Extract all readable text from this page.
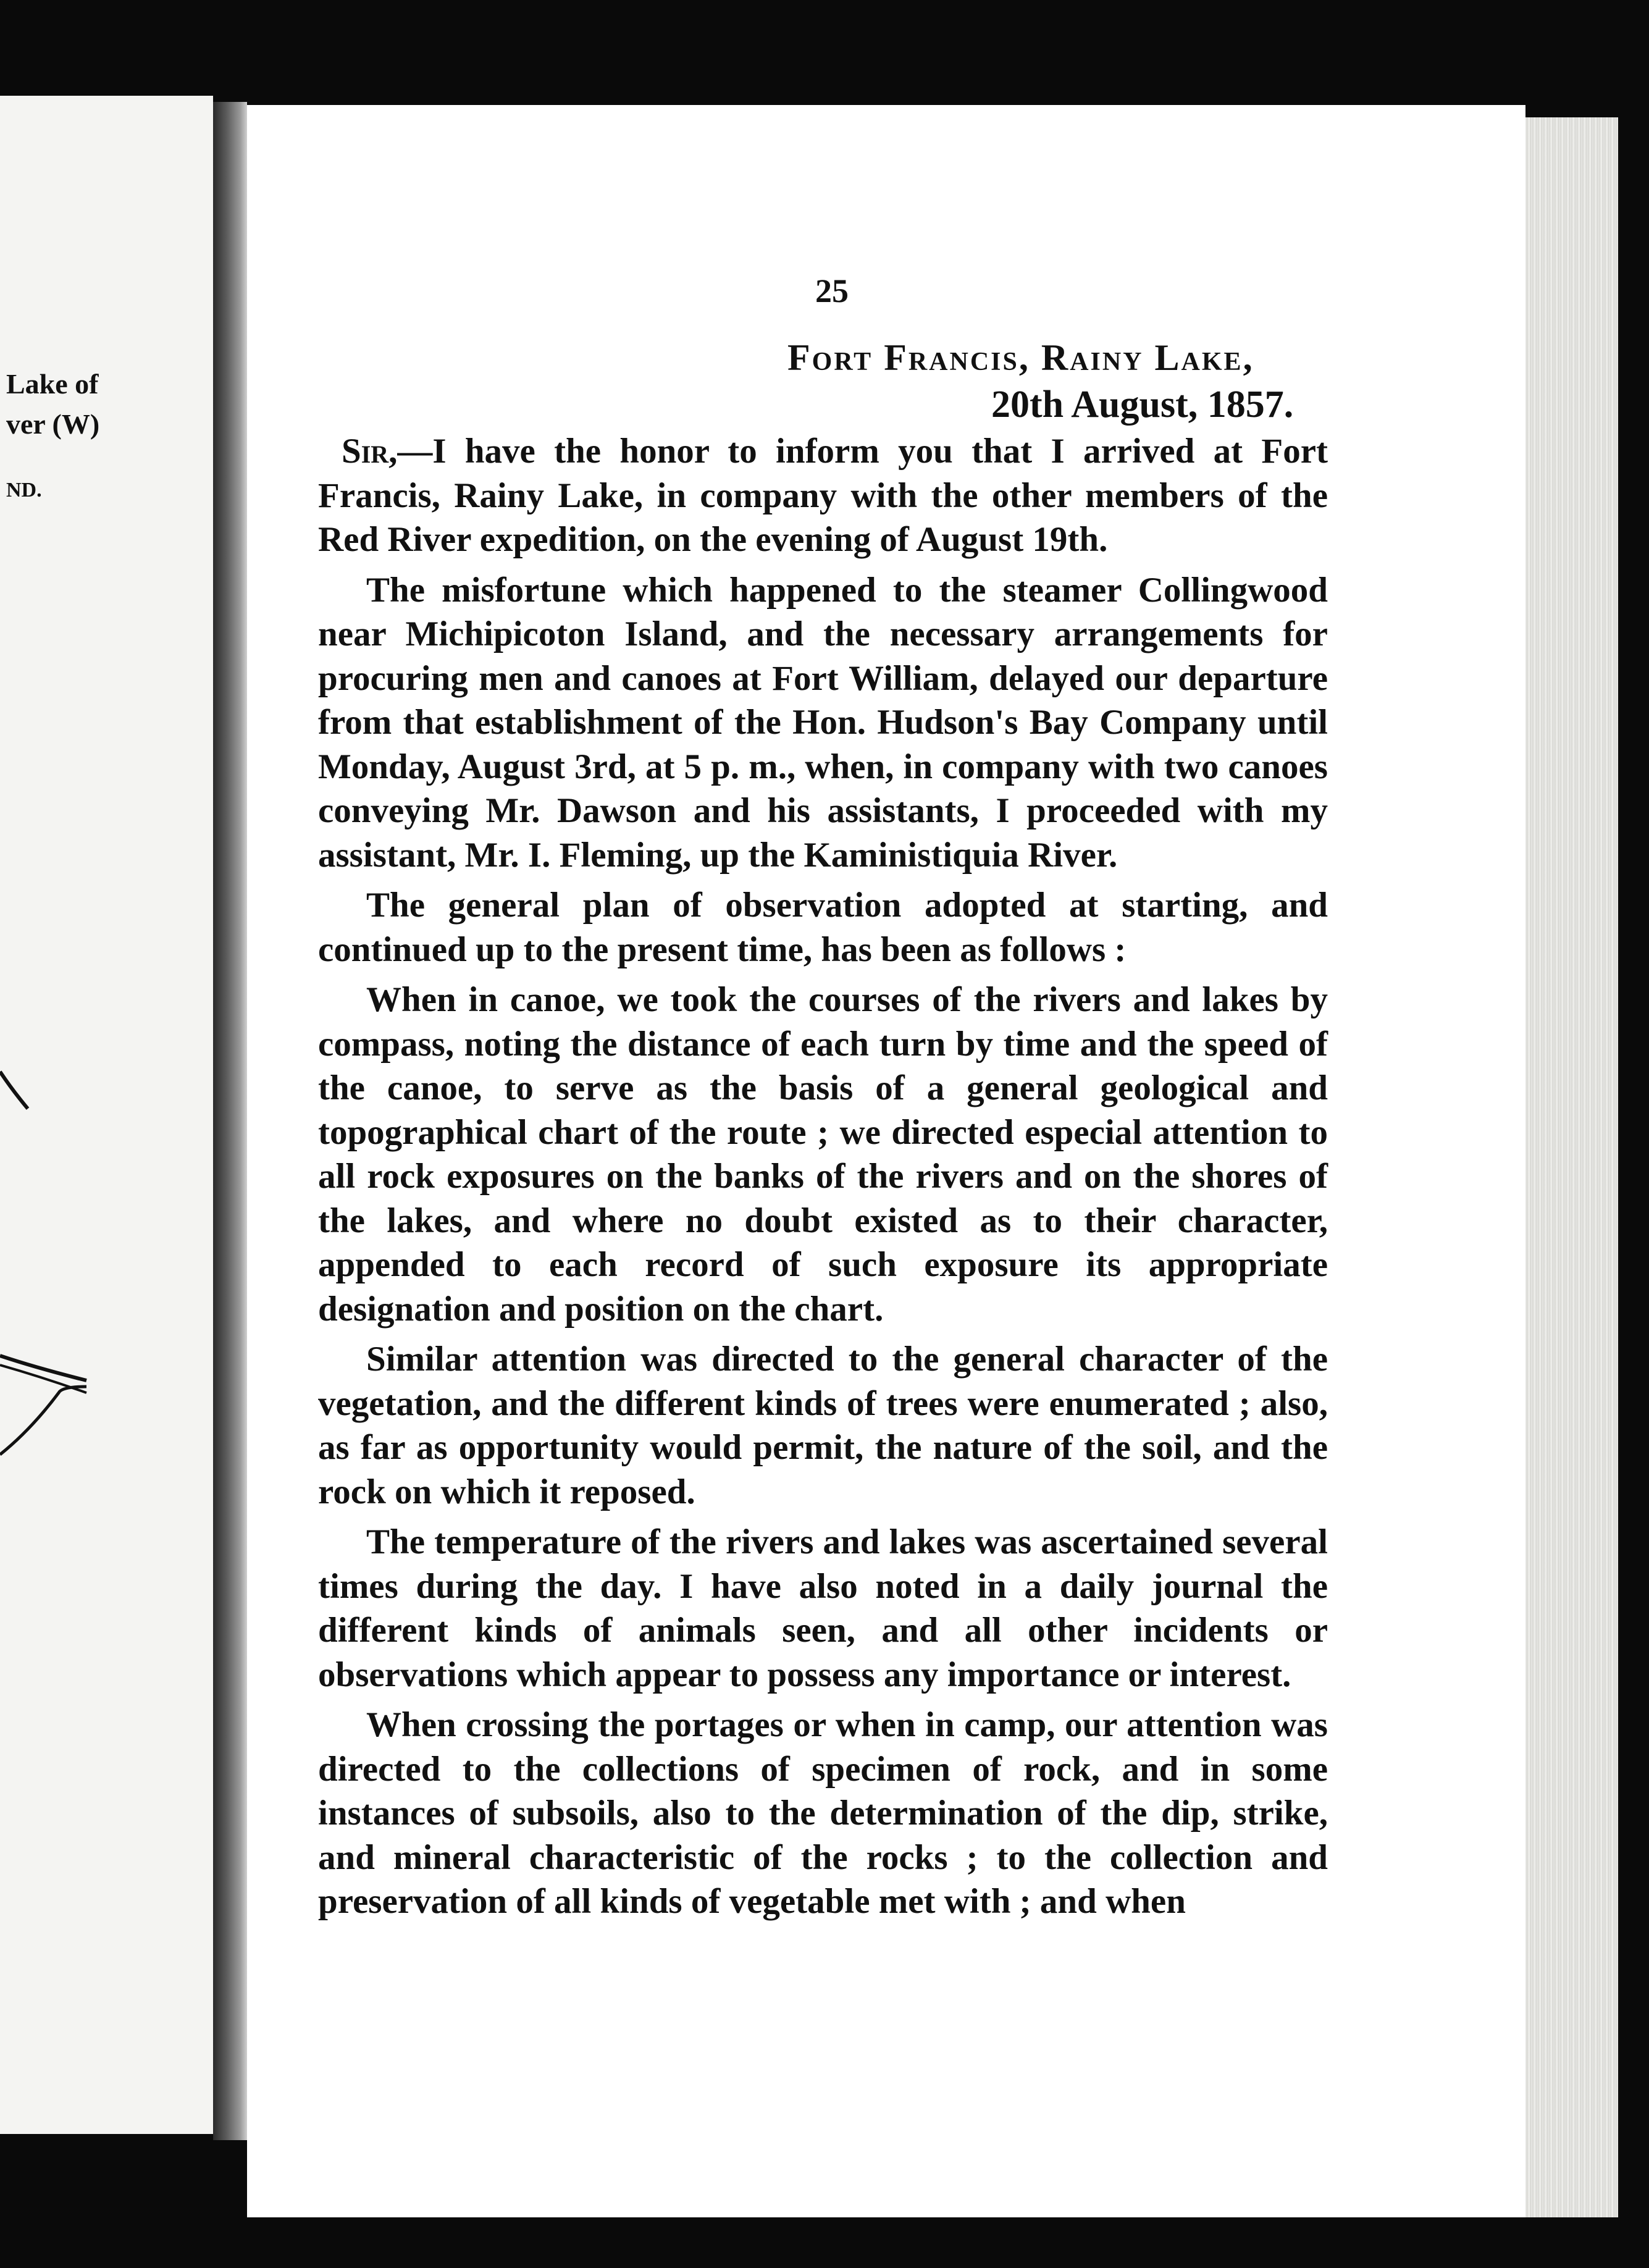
Lake of
ver (W)
ND.
25
Fort Francis, Rainy Lake,
20th August, 1857.

Sir,—I have the honor to inform you that I arrived at Fort Francis, Rainy Lake, in company with the other members of the Red River expedition, on the evening of August 19th.

The misfortune which happened to the steamer Collingwood near Michipicoton Island, and the necessary arrangements for procuring men and canoes at Fort William, delayed our departure from that establishment of the Hon. Hudson's Bay Company until Monday, August 3rd, at 5 p. m., when, in company with two canoes conveying Mr. Dawson and his assistants, I proceeded with my assistant, Mr. I. Fleming, up the Kaministiquia River.

The general plan of observation adopted at starting, and continued up to the present time, has been as follows :

When in canoe, we took the courses of the rivers and lakes by compass, noting the distance of each turn by time and the speed of the canoe, to serve as the basis of a general geological and topographical chart of the route ; we directed especial attention to all rock exposures on the banks of the rivers and on the shores of the lakes, and where no doubt existed as to their character, appended to each record of such exposure its appropriate designation and position on the chart.

Similar attention was directed to the general character of the vegetation, and the different kinds of trees were enumerated ; also, as far as opportunity would permit, the nature of the soil, and the rock on which it reposed.

The temperature of the rivers and lakes was ascertained several times during the day. I have also noted in a daily journal the different kinds of animals seen, and all other incidents or observations which appear to possess any importance or interest.

When crossing the portages or when in camp, our attention was directed to the collections of specimen of rock, and in some instances of subsoils, also to the determination of the dip, strike, and mineral characteristic of the rocks ; to the collection and preservation of all kinds of vegetable met with ; and when
